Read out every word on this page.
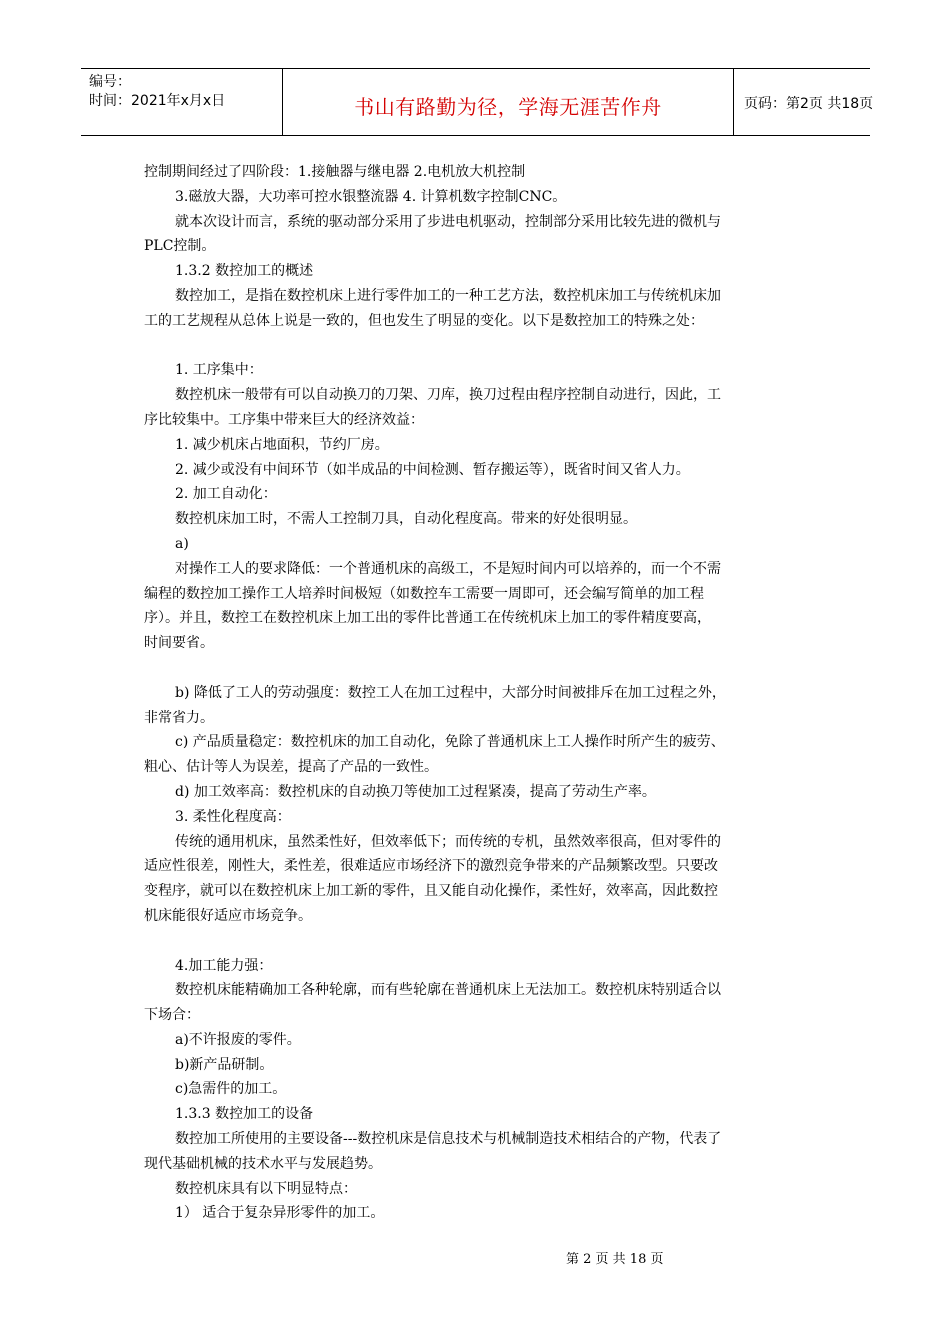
编号：
时间：2021年x月x日	书山有路勤为径，学海无涯苦作舟	页码：第2页 共18页
控制期间经过了四阶段：1.接触器与继电器 2.电机放大机控制
3.磁放大器，大功率可控水银整流器 4. 计算机数字控制CNC。
就本次设计而言，系统的驱动部分采用了步进电机驱动，控制部分采用比较先进的微机与
PLC控制。
1.3.2 数控加工的概述
数控加工，是指在数控机床上进行零件加工的一种工艺方法，数控机床加工与传统机床加
工的工艺规程从总体上说是一致的，但也发生了明显的变化。以下是数控加工的特殊之处：
1. 工序集中：
数控机床一般带有可以自动换刀的刀架、刀库，换刀过程由程序控制自动进行，因此，工
序比较集中。工序集中带来巨大的经济效益：
1. 减少机床占地面积，节约厂房。
2. 减少或没有中间环节（如半成品的中间检测、暂存搬运等），既省时间又省人力。
2. 加工自动化：
数控机床加工时，不需人工控制刀具，自动化程度高。带来的好处很明显。
a)
对操作工人的要求降低：一个普通机床的高级工，不是短时间内可以培养的，而一个不需
编程的数控加工操作工人培养时间极短（如数控车工需要一周即可，还会编写简单的加工程
序）。并且，数控工在数控机床上加工出的零件比普通工在传统机床上加工的零件精度要高，
时间要省。
b) 降低了工人的劳动强度：数控工人在加工过程中，大部分时间被排斥在加工过程之外，
非常省力。
c) 产品质量稳定：数控机床的加工自动化，免除了普通机床上工人操作时所产生的疲劳、
粗心、估计等人为误差，提高了产品的一致性。
d) 加工效率高：数控机床的自动换刀等使加工过程紧凑，提高了劳动生产率。
3. 柔性化程度高：
传统的通用机床，虽然柔性好，但效率低下；而传统的专机，虽然效率很高，但对零件的
适应性很差，刚性大，柔性差，很难适应市场经济下的激烈竞争带来的产品频繁改型。只要改
变程序，就可以在数控机床上加工新的零件，且又能自动化操作，柔性好，效率高，因此数控
机床能很好适应市场竞争。
4.加工能力强：
数控机床能精确加工各种轮廓，而有些轮廓在普通机床上无法加工。数控机床特别适合以
下场合：
a)不许报废的零件。
b)新产品研制。
c)急需件的加工。
1.3.3 数控加工的设备
数控加工所使用的主要设备---数控机床是信息技术与机械制造技术相结合的产物，代表了
现代基础机械的技术水平与发展趋势。
数控机床具有以下明显特点：
1） 适合于复杂异形零件的加工。
第 2 页 共 18 页
